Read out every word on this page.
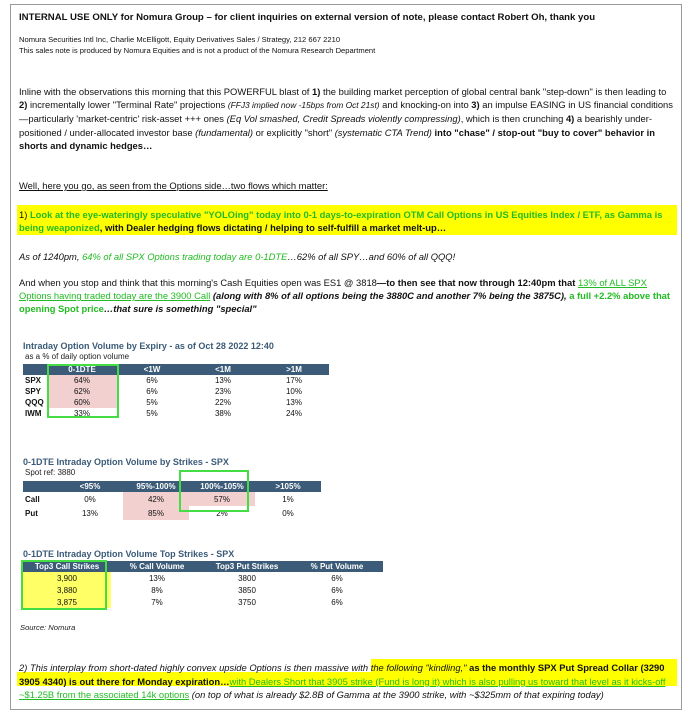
INTERNAL USE ONLY for Nomura Group – for client inquiries on external version of note, please contact Robert Oh, thank you
Nomura Securities Intl Inc, Charlie McElligott, Equity Derivatives Sales / Strategy, 212 667 2210
This sales note is produced by Nomura Equities and is not a product of the Nomura Research Department
Inline with the observations this morning that this POWERFUL blast of 1) the building market perception of global central bank "step-down" is then leading to 2) incrementally lower "Terminal Rate" projections (FFJ3 implied now -15bps from Oct 21st) and knocking-on into 3) an impulse EASING in US financial conditions—particularly 'market-centric' risk-asset +++ ones (Eq Vol smashed, Credit Spreads violently compressing), which is then crunching 4) a bearishly under-positioned / under-allocated investor base (fundamental) or explicitly "short" (systematic CTA Trend) into "chase" / stop-out "buy to cover" behavior in shorts and dynamic hedges…
Well, here you go, as seen from the Options side…two flows which matter:
1) Look at the eye-wateringly speculative "YOLOing" today into 0-1 days-to-expiration OTM Call Options in US Equities Index / ETF, as Gamma is being weaponized, with Dealer hedging flows dictating / helping to self-fulfill a market melt-up…
As of 1240pm, 64% of all SPX Options trading today are 0-1DTE…62% of all SPY…and 60% of all QQQ!
And when you stop and think that this morning's Cash Equities open was ES1 @ 3818—to then see that now through 12:40pm that 13% of ALL SPX Options having traded today are the 3900 Call (along with 8% of all options being the 3880C and another 7% being the 3875C), a full +2.2% above that opening Spot price…that sure is something "special"
Intraday Option Volume by Expiry - as of Oct 28 2022 12:40
as a % of daily option volume
	0-1DTE	<1W	<1M	>1M
SPX	64%	6%	13%	17%
SPY	62%	6%	23%	10%
QQQ	60%	5%	22%	13%
IWM	33%	5%	38%	24%
0-1DTE Intraday Option Volume by Strikes - SPX
Spot ref: 3880
	<95%	95%-100%	100%-105%	>105%
Call	0%	42%	57%	1%
Put	13%	85%	2%	0%
0-1DTE Intraday Option Volume Top Strikes - SPX
Top3 Call Strikes	% Call Volume	Top3 Put Strikes	% Put Volume
3,900	13%	3800	6%
3,880	8%	3850	6%
3,875	7%	3750	6%
Source: Nomura
2) This interplay from short-dated highly convex upside Options is then massive with the following "kindling," as the monthly SPX Put Spread Collar (3290 3905 4340) is out there for Monday expiration…with Dealers Short that 3905 strike (Fund is long it) which is also pulling us toward that level as it kicks-off ~$1.25B from the associated 14k options (on top of what is already $2.8B of Gamma at the 3900 strike, with ~$325mm of that expiring today)
